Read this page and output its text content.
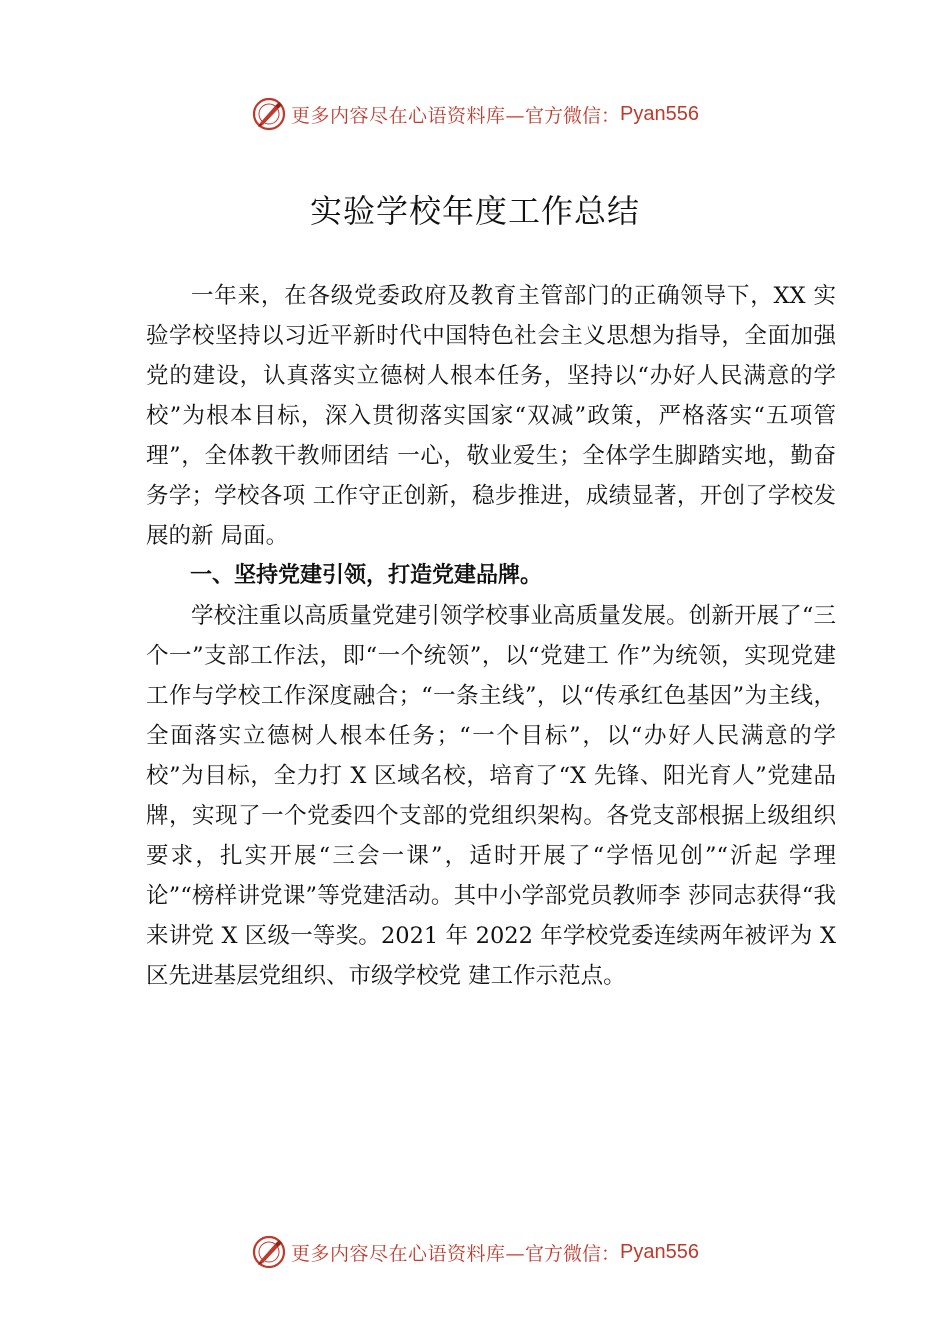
更多内容尽在心语资料库— 官方微信： Pyan556
实验学校年度工作总结

一年来，在各级党委政府及教育主管部门的正确领导下，XX 实验学校坚持以习近平新时代中国特色社会主义思想为指导，全面加强党的建设，认真落实立德树人根本任务，坚持以“办好人民满意的学校”为根本目标，深入贯彻落实国家“双减”政策，严格落实“五项管理”，全体教干教师团结 一心，敬业爱生；全体学生脚踏实地，勤奋务学；学校各项 工作守正创新，稳步推进，成绩显著，开创了学校发展的新 局面。

一、坚持党建引领，打造党建品牌。

学校注重以高质量党建引领学校事业高质量发展。创新开展了“三个一”支部工作法，即“一个统领”，以“党建工 作”为统领，实现党建工作与学校工作深度融合；“一条主线”，以“传承红色基因”为主线，全面落实立德树人根本任务；“一个目标”，以“办好人民满意的学校”为目标，全力打 X 区域名校，培育了“X 先锋、阳光育人”党建品牌，实现了一个党委四个支部的党组织架构。各党支部根据上级组织要求，扎实开展“三会一课”，适时开展了“学悟见创”“沂起 学理论”“榜样讲党课”等党建活动。其中小学部党员教师李 莎同志获得“我来讲党 X 区级一等奖。2021 年 2022 年学校党委连续两年被评为 X 区先进基层党组织、市级学校党 建工作示范点。

更多内容尽在心语资料库— 官方微信： Pyan556
